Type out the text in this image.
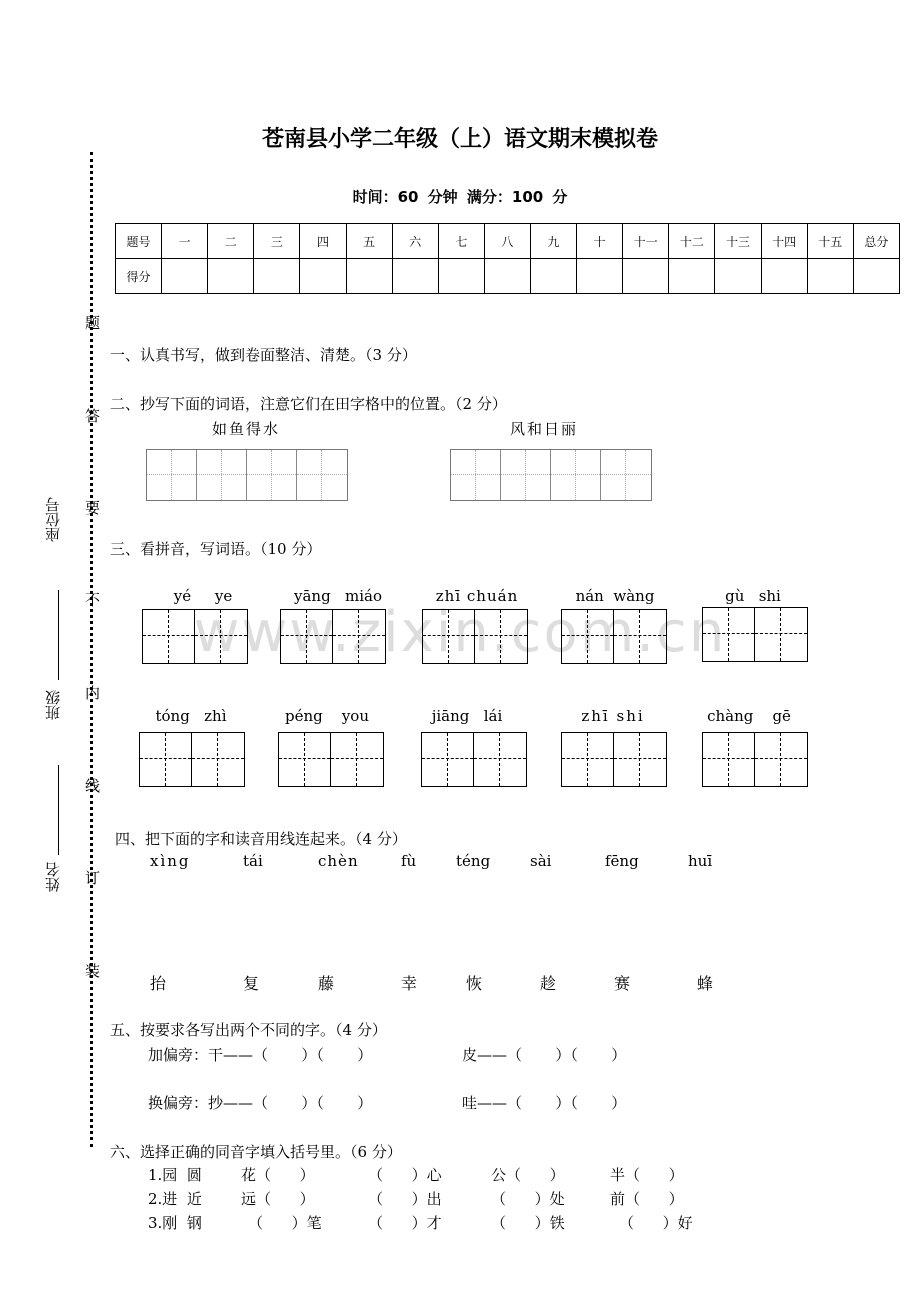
www.zixin.com.cn
苍南县小学二年级（上）语文期末模拟卷
时间：60 分钟 满分：100 分
题号	一	二	三	四	五	六	七	八	九	十	十一	十二	十三	十四	十五	总分
得分																
题
答
要
不
内
线
订
装
座位号
班级
姓名
一、认真书写，做到卷面整洁、清楚。（3 分）
二、抄写下面的词语，注意它们在田字格中的位置。（2 分）
如鱼得水	风和日丽
三、看拼音，写词语。（10 分）
yé ye	yāng miáo	zhī chuán	nán wàng	gù shi
tóng zhì	péng you	jiāng lái	zhī shi	chàng gē
四、把下面的字和读音用线连起来。（4 分）
xìng	tái	chèn	fù	téng	sài	fēng	huī
抬	复	藤	幸	恢	趁	赛	蜂
五、按要求各写出两个不同的字。（4 分）
加偏旁：干——（       ）（       ）	皮——（       ）（       ）
换偏旁：抄——（       ）（       ）	哇——（       ）（       ）
六、选择正确的同音字填入括号里。（6 分）
1.园  圆	花（      ）	（      ）心	公（      ）	半（      ）
2.进  近	远（      ）	（      ）出	（      ）处	前（      ）
3.刚  钢	（      ）笔	（      ）才	（      ）铁	（      ）好
